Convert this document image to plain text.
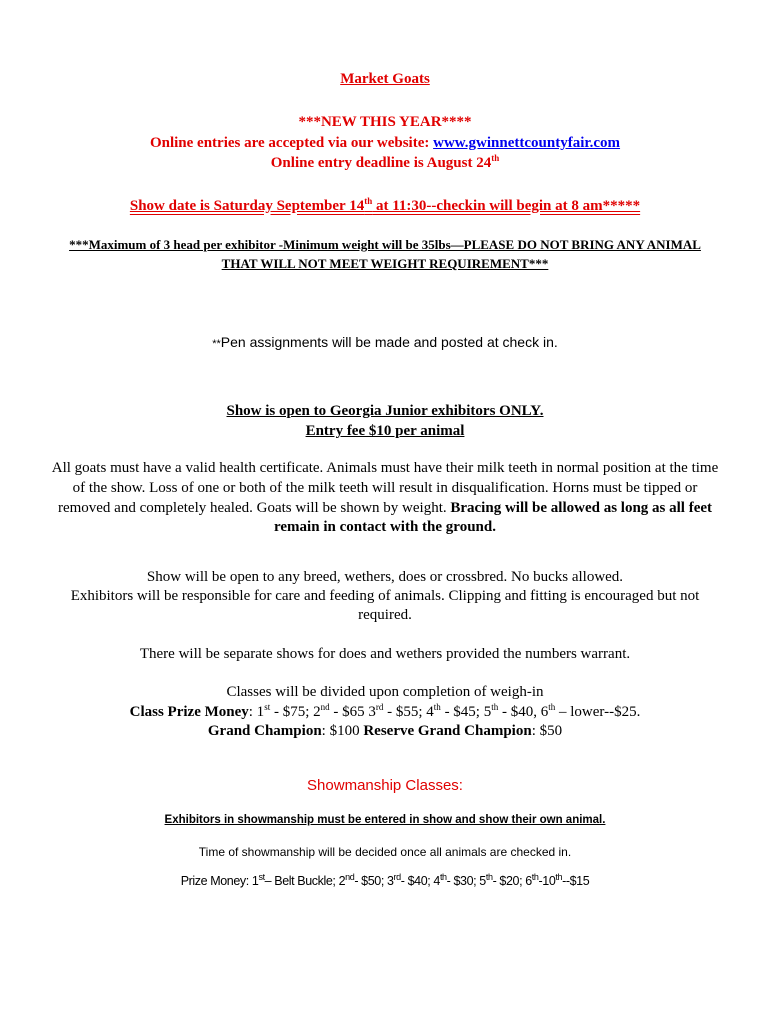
Market Goats
***NEW THIS YEAR****
Online entries are accepted via our website: www.gwinnettcountyfair.com
Online entry deadline is August 24th
Show date is Saturday September 14th at 11:30--checkin will begin at 8 am*****
***Maximum of 3 head per exhibitor -Minimum weight will be 35lbs—PLEASE DO NOT BRING ANY ANIMAL
THAT WILL NOT MEET WEIGHT REQUIREMENT***
**Pen assignments will be made and posted at check in.
Show is open to Georgia Junior exhibitors ONLY.
Entry fee $10 per animal
All goats must have a valid health certificate. Animals must have their milk teeth in normal position at the time
of the show. Loss of one or both of the milk teeth will result in disqualification. Horns must be tipped or
removed and completely healed. Goats will be shown by weight. Bracing will be allowed as long as all feet
remain in contact with the ground.
Show will be open to any breed, wethers, does or crossbred. No bucks allowed.
Exhibitors will be responsible for care and feeding of animals. Clipping and fitting is encouraged but not
required.
There will be separate shows for does and wethers provided the numbers warrant.
Classes will be divided upon completion of weigh-in
Class Prize Money: 1st - $75; 2nd - $65 3rd - $55; 4th - $45; 5th - $40, 6th – lower--$25.
Grand Champion: $100 Reserve Grand Champion: $50
Showmanship Classes:
Exhibitors in showmanship must be entered in show and show their own animal.
Time of showmanship will be decided once all animals are checked in.
Prize Money: 1st– Belt Buckle; 2nd- $50; 3rd- $40; 4th- $30; 5th- $20; 6th-10th--$15
